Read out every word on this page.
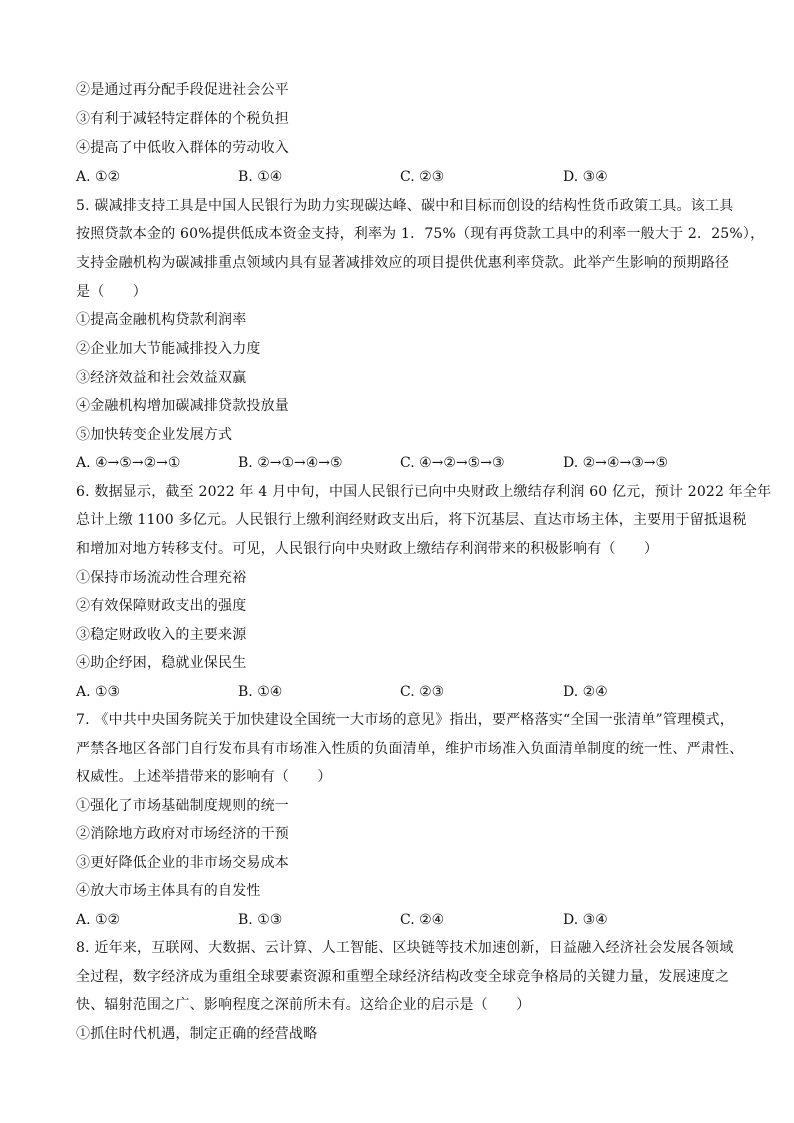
②是通过再分配手段促进社会公平
③有利于减轻特定群体的个税负担
④提高了中低收入群体的劳动收入
A. ①②	B. ①④	C. ②③	D. ③④
5. 碳减排支持工具是中国人民银行为助力实现碳达峰、碳中和目标而创设的结构性货币政策工具。该工具
按照贷款本金的 60%提供低成本资金支持，利率为 1．75%（现有再贷款工具中的利率一般大于 2．25%），
支持金融机构为碳减排重点领域内具有显著减排效应的项目提供优惠利率贷款。此举产生影响的预期路径
是（　　）
①提高金融机构贷款利润率
②企业加大节能减排投入力度
③经济效益和社会效益双赢
④金融机构增加碳减排贷款投放量
⑤加快转变企业发展方式
A. ④→⑤→②→①	B. ②→①→④→⑤	C. ④→②→⑤→③	D. ②→④→③→⑤
6. 数据显示，截至 2022 年 4 月中旬，中国人民银行已向中央财政上缴结存利润 60 亿元，预计 2022 年全年
总计上缴 1100 多亿元。人民银行上缴利润经财政支出后，将下沉基层、直达市场主体，主要用于留抵退税
和增加对地方转移支付。可见，人民银行向中央财政上缴结存利润带来的积极影响有（　　）
①保持市场流动性合理充裕
②有效保障财政支出的强度
③稳定财政收入的主要来源
④助企纾困，稳就业保民生
A. ①③	B. ①④	C. ②③	D. ②④
7. 《中共中央国务院关于加快建设全国统一大市场的意见》指出，要严格落实“全国一张清单”管理模式，
严禁各地区各部门自行发布具有市场准入性质的负面清单，维护市场准入负面清单制度的统一性、严肃性、
权威性。上述举措带来的影响有（　　）
①强化了市场基础制度规则的统一
②消除地方政府对市场经济的干预
③更好降低企业的非市场交易成本
④放大市场主体具有的自发性
A. ①②	B. ①③	C. ②④	D. ③④
8. 近年来，互联网、大数据、云计算、人工智能、区块链等技术加速创新，日益融入经济社会发展各领域
全过程，数字经济成为重组全球要素资源和重塑全球经济结构改变全球竞争格局的关键力量，发展速度之
快、辐射范围之广、影响程度之深前所未有。这给企业的启示是（　　）
①抓住时代机遇，制定正确的经营战略
